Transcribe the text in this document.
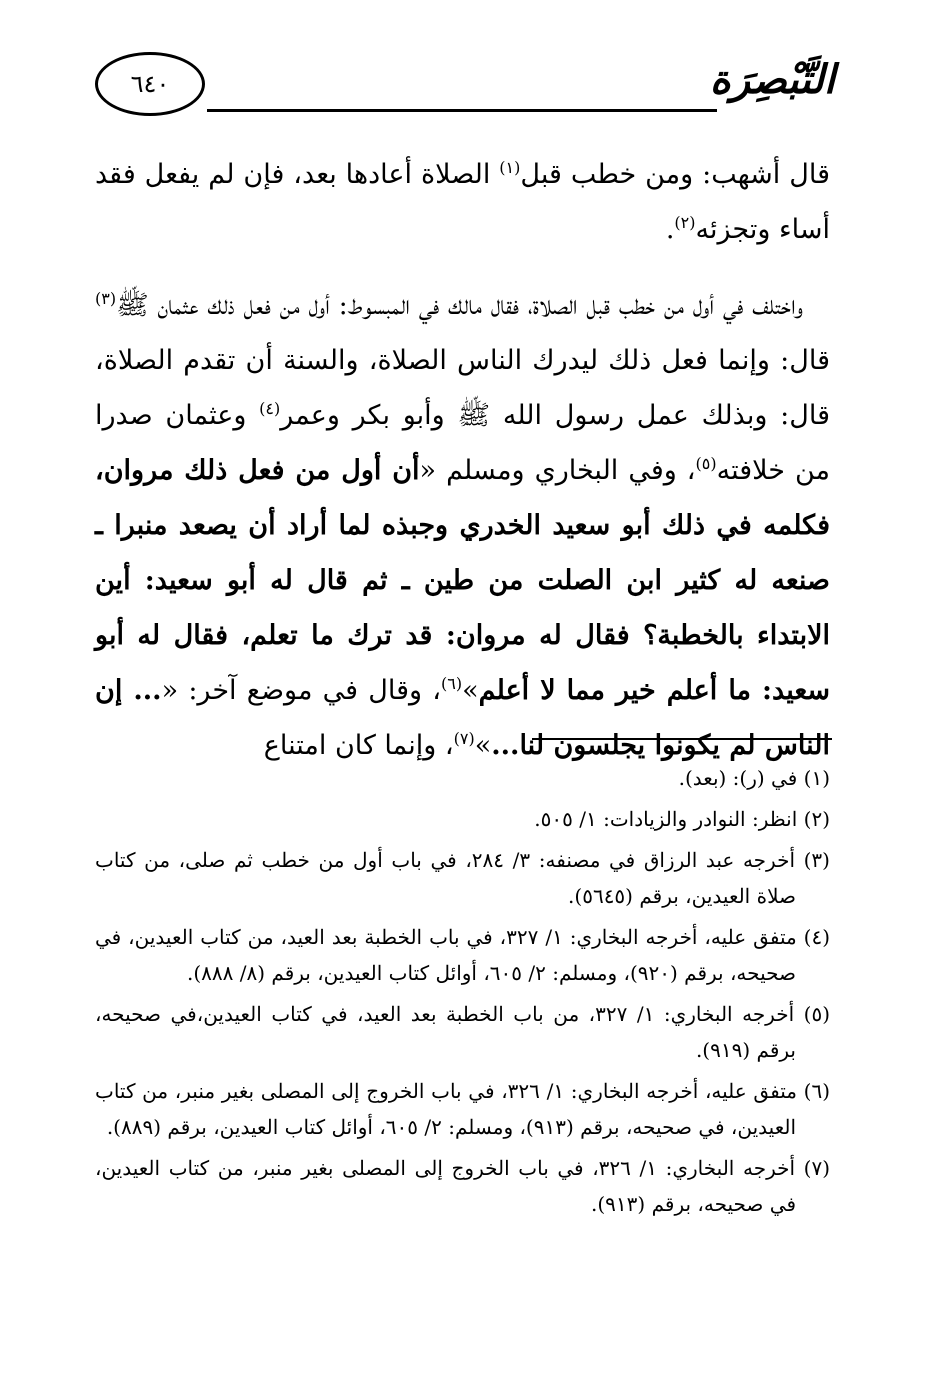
٦٤٠	التَّبْصِرَة

قال أشهب: ومن خطب قبل$^{(١)}$ الصلاة أعادها بعد، فإن لم يفعل فقد أساء وتجزئه$^{(٢)}$.

 واختلف في أول من خطب قبل الصلاة، فقال مالك في المبسوط: أول من فعل ذلك عثمان ﷺ$^{(٣)}$ قال: وإنما فعل ذلك ليدرك الناس الصلاة، والسنة أن تقدم الصلاة، قال: وبذلك عمل رسول الله ﷺ وأبو بكر وعمر$^{(٤)}$ وعثمان صدرا من خلافته$^{(٥)}$، وفي البخاري ومسلم «أن أول من فعل ذلك مروان، فكلمه في ذلك أبو سعيد الخدري وجبذه لما أراد أن يصعد منبرا ـ صنعه له كثير ابن الصلت من طين ـ ثم قال له أبو سعيد: أين الابتداء بالخطبة؟ فقال له مروان: قد ترك ما تعلم، فقال له أبو سعيد: ما أعلم خير مما لا أعلم»$^{(٦)}$، وقال في موضع آخر: «... إن الناس لم يكونوا يجلسون لنا...»$^{(٧)}$، وإنما كان امتناع

(١) في (ر): (بعد).

(٢) انظر: النوادر والزيادات: ١/ ٥٠٥.

(٣) أخرجه عبد الرزاق في مصنفه: ٣/ ٢٨٤، في باب أول من خطب ثم صلى، من كتاب صلاة العيدين، برقم (٥٦٤٥).

(٤) متفق عليه، أخرجه البخاري: ١/ ٣٢٧، في باب الخطبة بعد العيد، من كتاب العيدين، في صحيحه، برقم (٩٢٠)، ومسلم: ٢/ ٦٠٥، أوائل كتاب العيدين، برقم (٨/ ٨٨٨).

(٥) أخرجه البخاري: ١/ ٣٢٧، من باب الخطبة بعد العيد، في كتاب العيدين،في صحيحه، برقم (٩١٩).

(٦) متفق عليه، أخرجه البخاري: ١/ ٣٢٦، في باب الخروج إلى المصلى بغير منبر، من كتاب العيدين، في صحيحه، برقم (٩١٣)، ومسلم: ٢/ ٦٠٥، أوائل كتاب العيدين، برقم (٨٨٩).

(٧) أخرجه البخاري: ١/ ٣٢٦، في باب الخروج إلى المصلى بغير منبر، من كتاب العيدين، في صحيحه، برقم (٩١٣).
